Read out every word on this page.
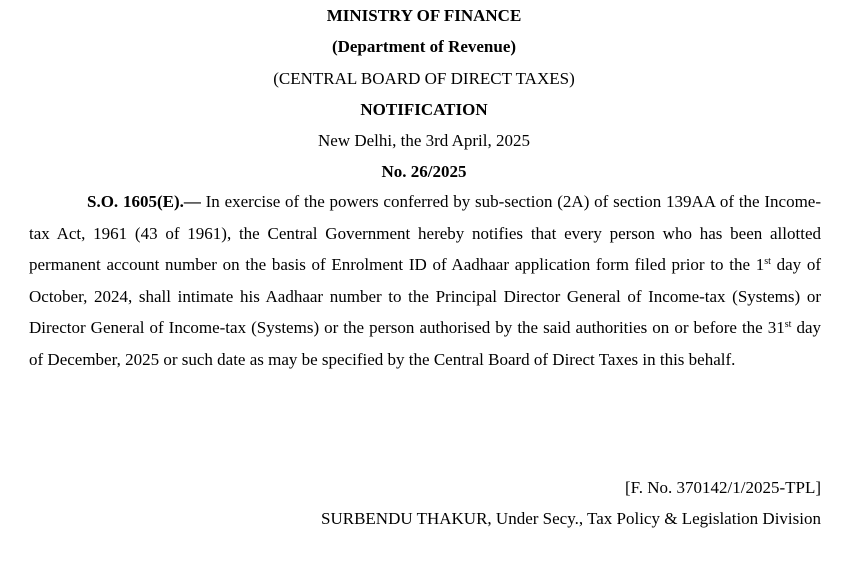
MINISTRY OF FINANCE
(Department of Revenue)
(CENTRAL BOARD OF DIRECT TAXES)
NOTIFICATION
New Delhi, the 3rd April, 2025
No. 26/2025
S.O. 1605(E).— In exercise of the powers conferred by sub-section (2A) of section 139AA of the Income-tax Act, 1961 (43 of 1961), the Central Government hereby notifies that every person who has been allotted permanent account number on the basis of Enrolment ID of Aadhaar application form filed prior to the 1st day of October, 2024, shall intimate his Aadhaar number to the Principal Director General of Income-tax (Systems) or Director General of Income-tax (Systems) or the person authorised by the said authorities on or before the 31st day of December, 2025 or such date as may be specified by the Central Board of Direct Taxes in this behalf.
[F. No. 370142/1/2025-TPL]
SURBENDU THAKUR, Under Secy., Tax Policy & Legislation Division
